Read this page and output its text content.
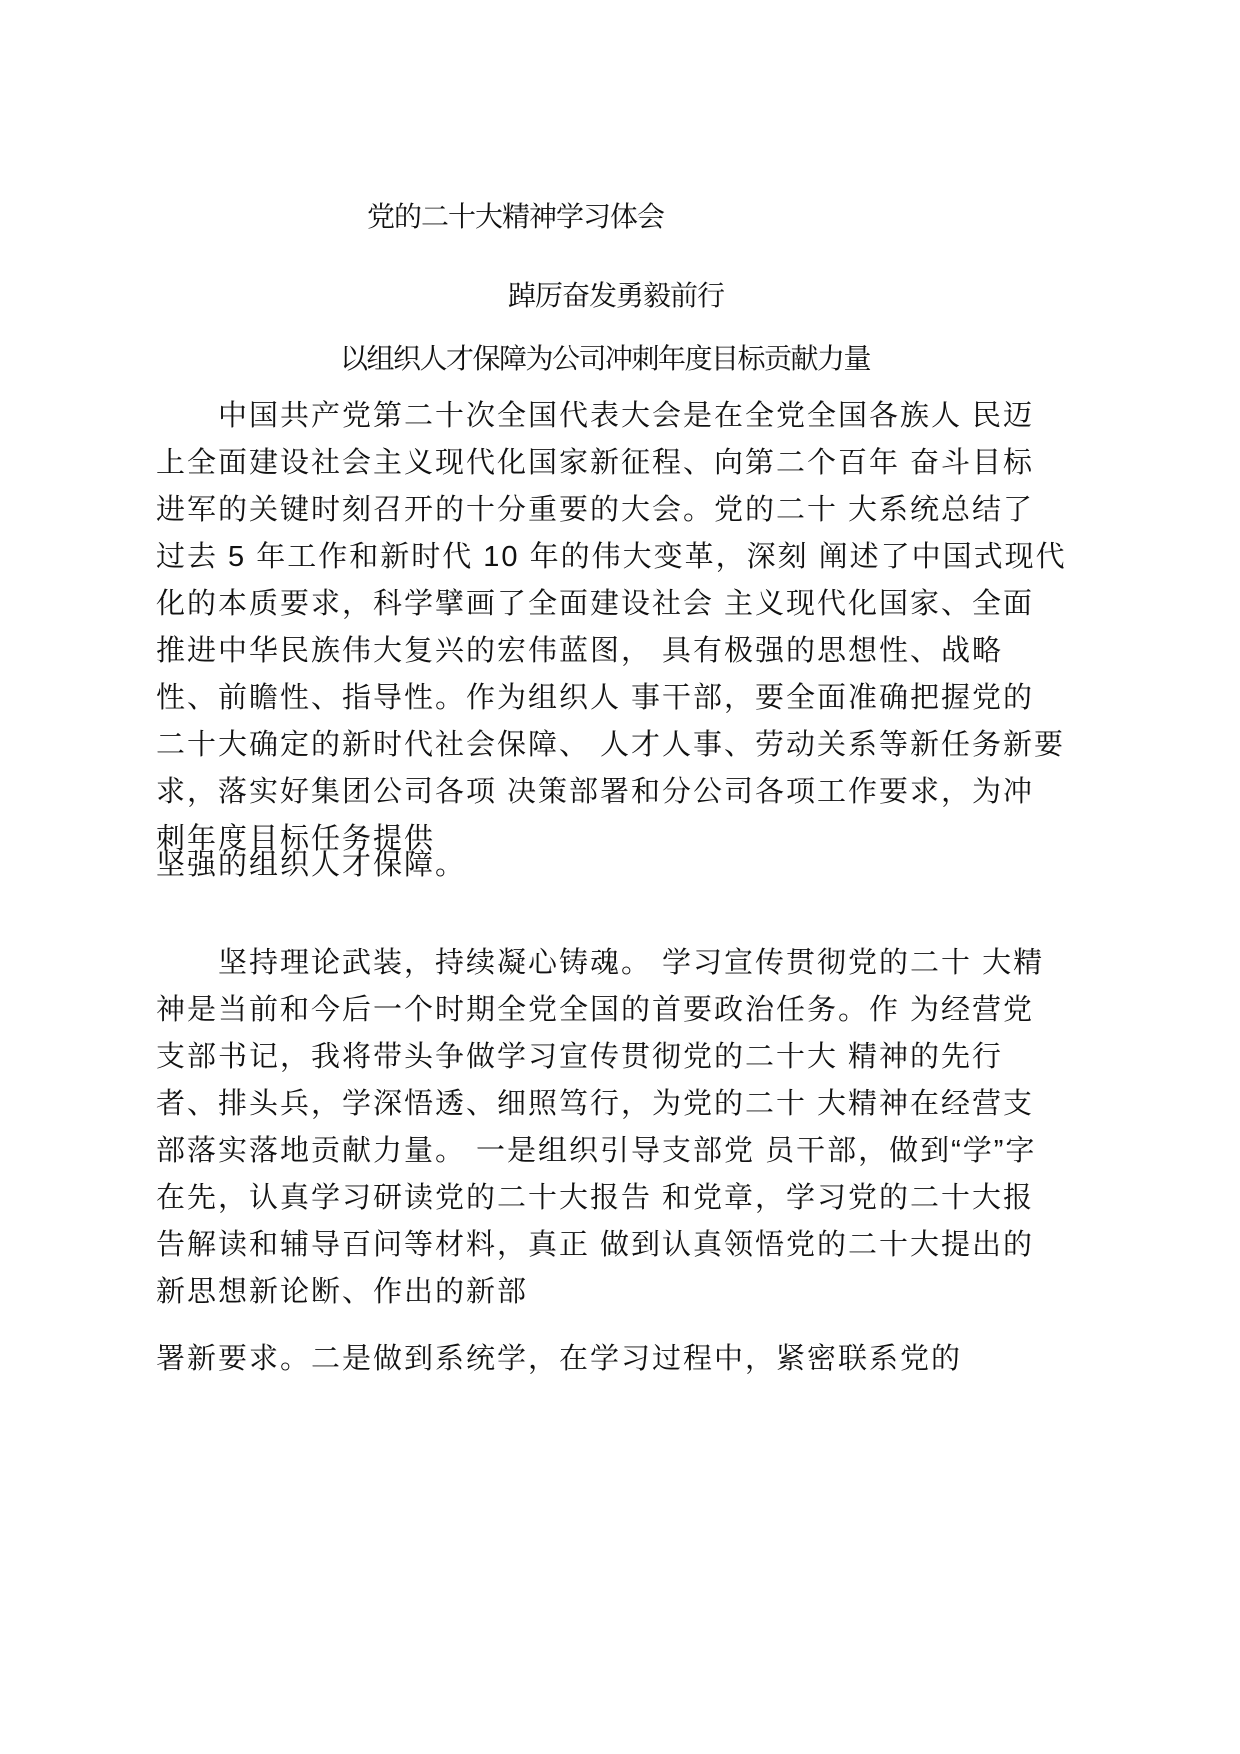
党的二十大精神学习体会
踔厉奋发勇毅前行
以组织人才保障为公司冲刺年度目标贡献力量

　　中国共产党第二十次全国代表大会是在全党全国各族人 民迈
上全面建设社会主义现代化国家新征程、向第二个百年 奋斗目标
进军的关键时刻召开的十分重要的大会。党的二十 大系统总结了
过去 5 年工作和新时代 10 年的伟大变革，深刻 阐述了中国式现代
化的本质要求，科学擘画了全面建设社会 主义现代化国家、全面
推进中华民族伟大复兴的宏伟蓝图， 具有极强的思想性、战略
性、前瞻性、指导性。作为组织人 事干部，要全面准确把握党的
二十大确定的新时代社会保障、 人才人事、劳动关系等新任务新要
求，落实好集团公司各项 决策部署和分公司各项工作要求，为冲
刺年度目标任务提供

坚强的组织人才保障。

　　坚持理论武装，持续凝心铸魂。 学习宣传贯彻党的二十 大精
神是当前和今后一个时期全党全国的首要政治任务。作 为经营党
支部书记，我将带头争做学习宣传贯彻党的二十大 精神的先行
者、排头兵，学深悟透、细照笃行，为党的二十 大精神在经营支
部落实落地贡献力量。 一是组织引导支部党 员干部，做到“学”字
在先，认真学习研读党的二十大报告 和党章，学习党的二十大报
告解读和辅导百问等材料，真正 做到认真领悟党的二十大提出的
新思想新论断、作出的新部

署新要求。二是做到系统学，在学习过程中，紧密联系党的
